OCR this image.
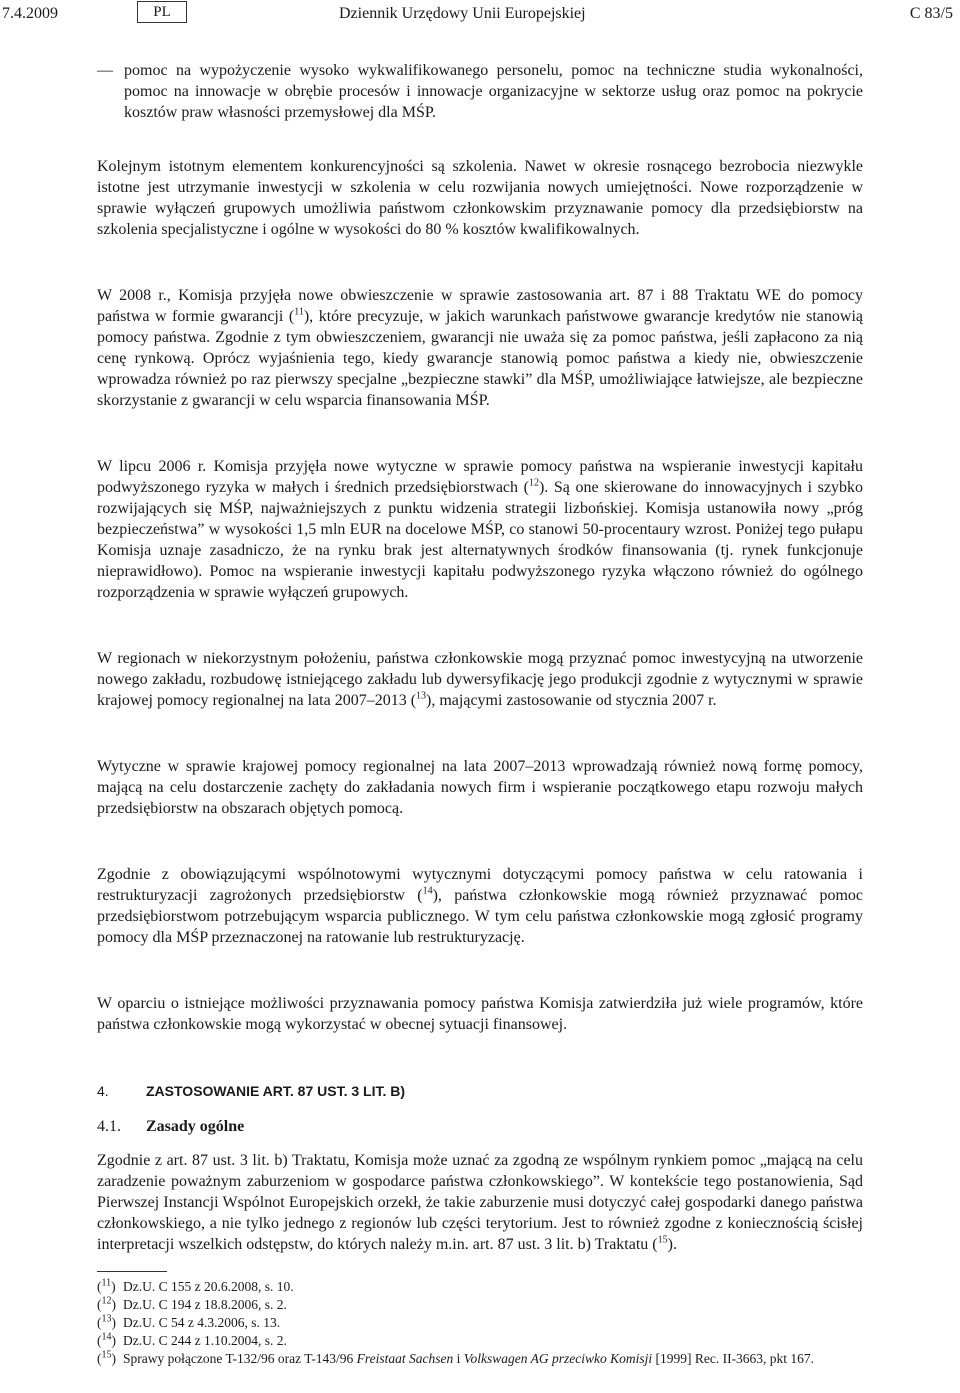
7.4.2009	PL	Dziennik Urzędowy Unii Europejskiej	C 83/5
— pomoc na wypożyczenie wysoko wykwalifikowanego personelu, pomoc na techniczne studia wykonalności, pomoc na innowacje w obrębie procesów i innowacje organizacyjne w sektorze usług oraz pomoc na pokrycie kosztów praw własności przemysłowej dla MŚP.

Kolejnym istotnym elementem konkurencyjności są szkolenia. Nawet w okresie rosnącego bezrobocia niezwykle istotne jest utrzymanie inwestycji w szkolenia w celu rozwijania nowych umiejętności. Nowe rozporządzenie w sprawie wyłączeń grupowych umożliwia państwom członkowskim przyznawanie pomocy dla przedsiębiorstw na szkolenia specjalistyczne i ogólne w wysokości do 80 % kosztów kwalifikowalnych.

W 2008 r., Komisja przyjęła nowe obwieszczenie w sprawie zastosowania art. 87 i 88 Traktatu WE do pomocy państwa w formie gwarancji ($^{11}$), które precyzuje, w jakich warunkach państwowe gwarancje kredytów nie stanowią pomocy państwa. Zgodnie z tym obwieszczeniem, gwarancji nie uważa się za pomoc państwa, jeśli zapłacono za nią cenę rynkową. Oprócz wyjaśnienia tego, kiedy gwarancje stanowią pomoc państwa a kiedy nie, obwieszczenie wprowadza również po raz pierwszy specjalne „bezpieczne stawki” dla MŚP, umożliwiające łatwiejsze, ale bezpieczne skorzystanie z gwarancji w celu wsparcia finansowania MŚP.

W lipcu 2006 r. Komisja przyjęła nowe wytyczne w sprawie pomocy państwa na wspieranie inwestycji kapitału podwyższonego ryzyka w małych i średnich przedsiębiorstwach ($^{12}$). Są one skierowane do innowacyjnych i szybko rozwijających się MŚP, najważniejszych z punktu widzenia strategii lizbońskiej. Komisja ustanowiła nowy „próg bezpieczeństwa” w wysokości 1,5 mln EUR na docelowe MŚP, co stanowi 50-procentaury wzrost. Poniżej tego pułapu Komisja uznaje zasadniczo, że na rynku brak jest alternatywnych środków finansowania (tj. rynek funkcjonuje nieprawidłowo). Pomoc na wspieranie inwestycji kapitału podwyższonego ryzyka włączono również do ogólnego rozporządzenia w sprawie wyłączeń grupowych.

W regionach w niekorzystnym położeniu, państwa członkowskie mogą przyznać pomoc inwestycyjną na utworzenie nowego zakładu, rozbudowę istniejącego zakładu lub dywersyfikację jego produkcji zgodnie z wytycznymi w sprawie krajowej pomocy regionalnej na lata 2007–2013 ($^{13}$), mającymi zastosowanie od stycznia 2007 r.

Wytyczne w sprawie krajowej pomocy regionalnej na lata 2007–2013 wprowadzają również nową formę pomocy, mającą na celu dostarczenie zachęty do zakładania nowych firm i wspieranie początkowego etapu rozwoju małych przedsiębiorstw na obszarach objętych pomocą.

Zgodnie z obowiązującymi wspólnotowymi wytycznymi dotyczącymi pomocy państwa w celu ratowania i restrukturyzacji zagrożonych przedsiębiorstw ($^{14}$), państwa członkowskie mogą również przyznawać pomoc przedsiębiorstwom potrzebującym wsparcia publicznego. W tym celu państwa członkowskie mogą zgłosić programy pomocy dla MŚP przeznaczonej na ratowanie lub restrukturyzację.

W oparciu o istniejące możliwości przyznawania pomocy państwa Komisja zatwierdziła już wiele programów, które państwa członkowskie mogą wykorzystać w obecnej sytuacji finansowej.

4.	ZASTOSOWANIE ART. 87 UST. 3 LIT. B)
4.1.	Zasady ogólne

Zgodnie z art. 87 ust. 3 lit. b) Traktatu, Komisja może uznać za zgodną ze wspólnym rynkiem pomoc „mającą na celu zaradzenie poważnym zaburzeniom w gospodarce państwa członkowskiego”. W kontekście tego postanowienia, Sąd Pierwszej Instancji Wspólnot Europejskich orzekł, że takie zaburzenie musi dotyczyć całej gospodarki danego państwa członkowskiego, a nie tylko jednego z regionów lub części terytorium. Jest to również zgodne z koniecznością ścisłej interpretacji wszelkich odstępstw, do których należy m.in. art. 87 ust. 3 lit. b) Traktatu ($^{15}$).

($^{11}$) Dz.U. C 155 z 20.6.2008, s. 10.
($^{12}$) Dz.U. C 194 z 18.8.2006, s. 2.
($^{13}$) Dz.U. C 54 z 4.3.2006, s. 13.
($^{14}$) Dz.U. C 244 z 1.10.2004, s. 2.
($^{15}$) Sprawy połączone T-132/96 oraz T-143/96 Freistaat Sachsen i Volkswagen AG przeciwko Komisji [1999] Rec. II-3663, pkt 167.
